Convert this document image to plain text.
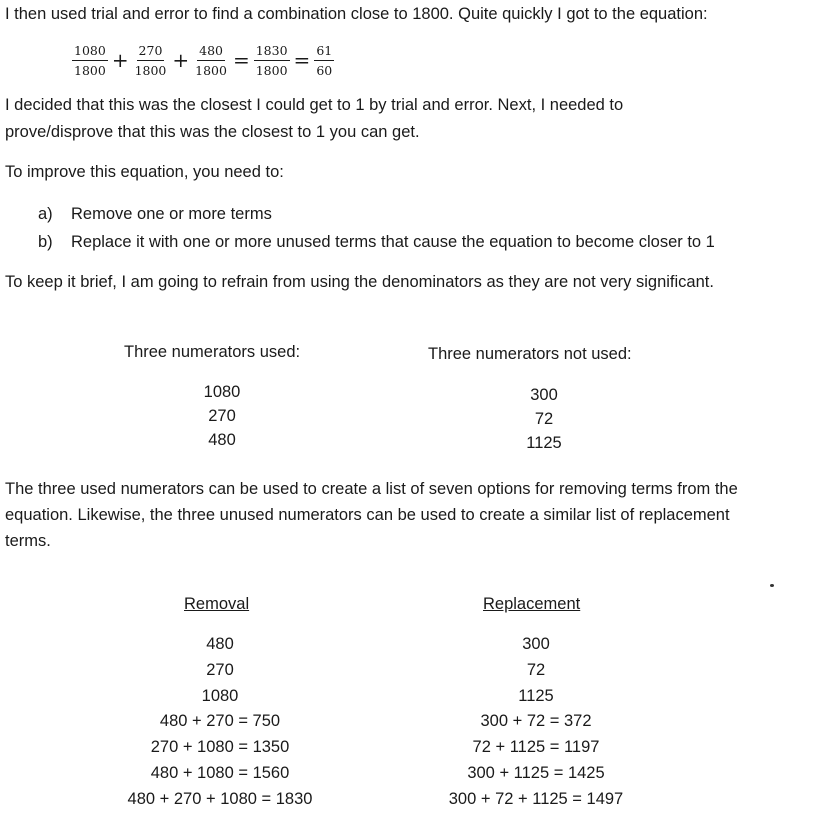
I then used trial and error to find a combination close to 1800. Quite quickly I got to the equation:
$\frac{1080}{1800} + \frac{270}{1800} + \frac{480}{1800} = \frac{1830}{1800} = \frac{61}{60}$
I decided that this was the closest I could get to 1 by trial and error. Next, I needed to
prove/disprove that this was the closest to 1 you can get.
To improve this equation, you need to:
a) Remove one or more terms
b) Replace it with one or more unused terms that cause the equation to become closer to 1
To keep it brief, I am going to refrain from using the denominators as they are not very significant.
Three numerators used:	Three numerators not used:
1080
270
480
300
72
1125
The three used numerators can be used to create a list of seven options for removing terms from the
equation. Likewise, the three unused numerators can be used to create a similar list of replacement
terms.
Removal	Replacement
480
270
1080
480 + 270 = 750
270 + 1080 = 1350
480 + 1080 = 1560
480 + 270 + 1080 = 1830
300
72
1125
300 + 72 = 372
72 + 1125 = 1197
300 + 1125 = 1425
300 + 72 + 1125 = 1497
